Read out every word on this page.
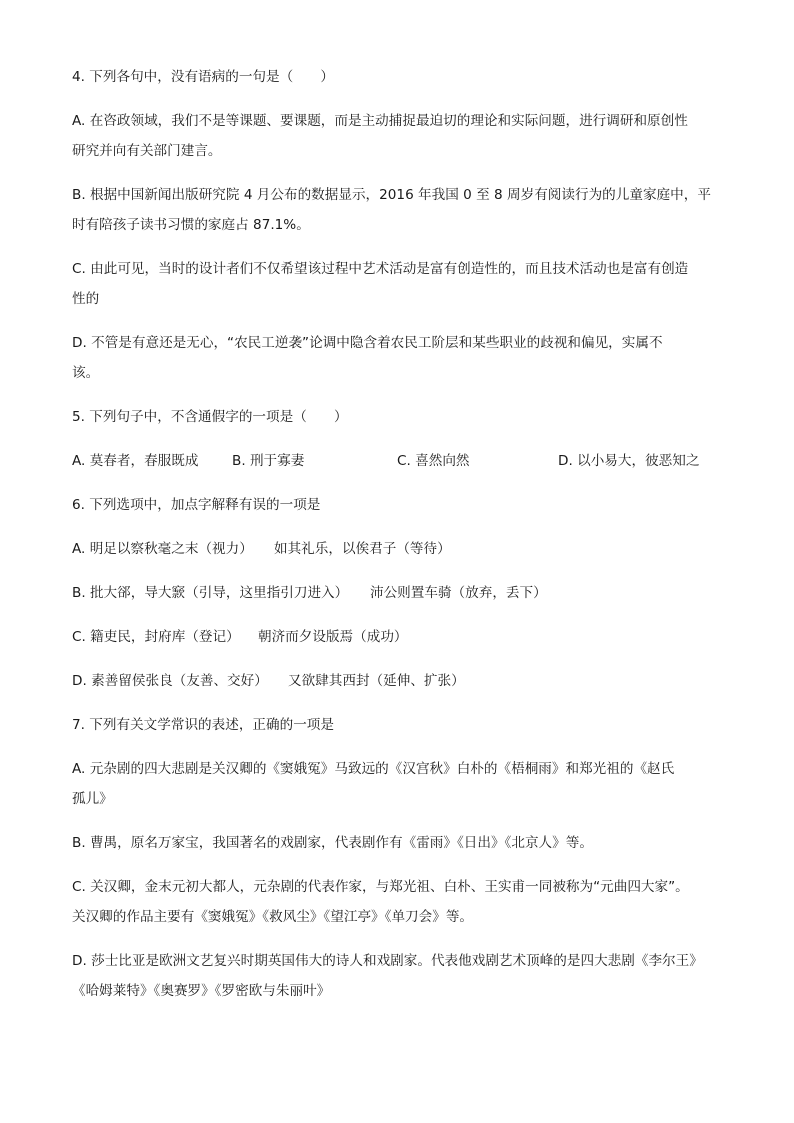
4. 下列各句中，没有语病的一句是（　　）
A. 在咨政领域，我们不是等课题、要课题，而是主动捕捉最迫切的理论和实际问题，进行调研和原创性
研究并向有关部门建言。
B. 根据中国新闻出版研究院 4 月公布的数据显示，2016 年我国 0 至 8 周岁有阅读行为的儿童家庭中，平
时有陪孩子读书习惯的家庭占 87.1%。
C. 由此可见，当时的设计者们不仅希望该过程中艺术活动是富有创造性的，而且技术活动也是富有创造
性的
D. 不管是有意还是无心，“农民工逆袭”论调中隐含着农民工阶层和某些职业的歧视和偏见，实属不
该。
5. 下列句子中，不含通假字的一项是（　　）
A. 莫春者，春服既成 B. 刑于寡妻	C. 喜然向然	D. 以小易大，彼恶知之
6. 下列选项中，加点字解释有误的一项是
A. 明足以察秋毫之末（视力） 如其礼乐，以俟君子（等待）
B. 批大郤，导大窾（引导，这里指引刀进入） 沛公则置车骑（放弃，丢下）
C. 籍吏民，封府库（登记） 朝济而夕设版焉（成功）
D. 素善留侯张良（友善、交好） 又欲肆其西封（延伸、扩张）
7. 下列有关文学常识的表述，正确的一项是
A. 元杂剧的四大悲剧是关汉卿的《窦娥冤》马致远的《汉宫秋》白朴的《梧桐雨》和郑光祖的《赵氏
孤儿》
B. 曹禺，原名万家宝，我国著名的戏剧家，代表剧作有《雷雨》《日出》《北京人》等。
C. 关汉卿，金末元初大都人，元杂剧的代表作家，与郑光祖、白朴、王实甫一同被称为“元曲四大家”。
关汉卿的作品主要有《窦娥冤》《救风尘》《望江亭》《单刀会》等。
D. 莎士比亚是欧洲文艺复兴时期英国伟大的诗人和戏剧家。代表他戏剧艺术顶峰的是四大悲剧《李尔王》
《哈姆莱特》《奥赛罗》《罗密欧与朱丽叶》
